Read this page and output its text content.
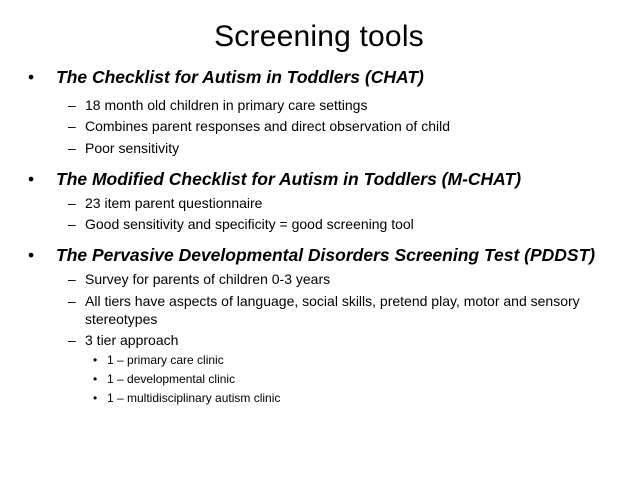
Screening tools
• The Checklist for Autism in Toddlers (CHAT)
– 18 month old children in primary care settings
– Combines parent responses and direct observation of child
– Poor sensitivity
• The Modified Checklist for Autism in Toddlers (M-CHAT)
– 23 item parent questionnaire
– Good sensitivity and specificity = good screening tool
• The Pervasive Developmental Disorders Screening Test (PDDST)
– Survey for parents of children 0-3 years
– All tiers have aspects of language, social skills, pretend play, motor and sensory stereotypes
– 3 tier approach
• 1 – primary care clinic
• 1 – developmental clinic
• 1 – multidisciplinary autism clinic
